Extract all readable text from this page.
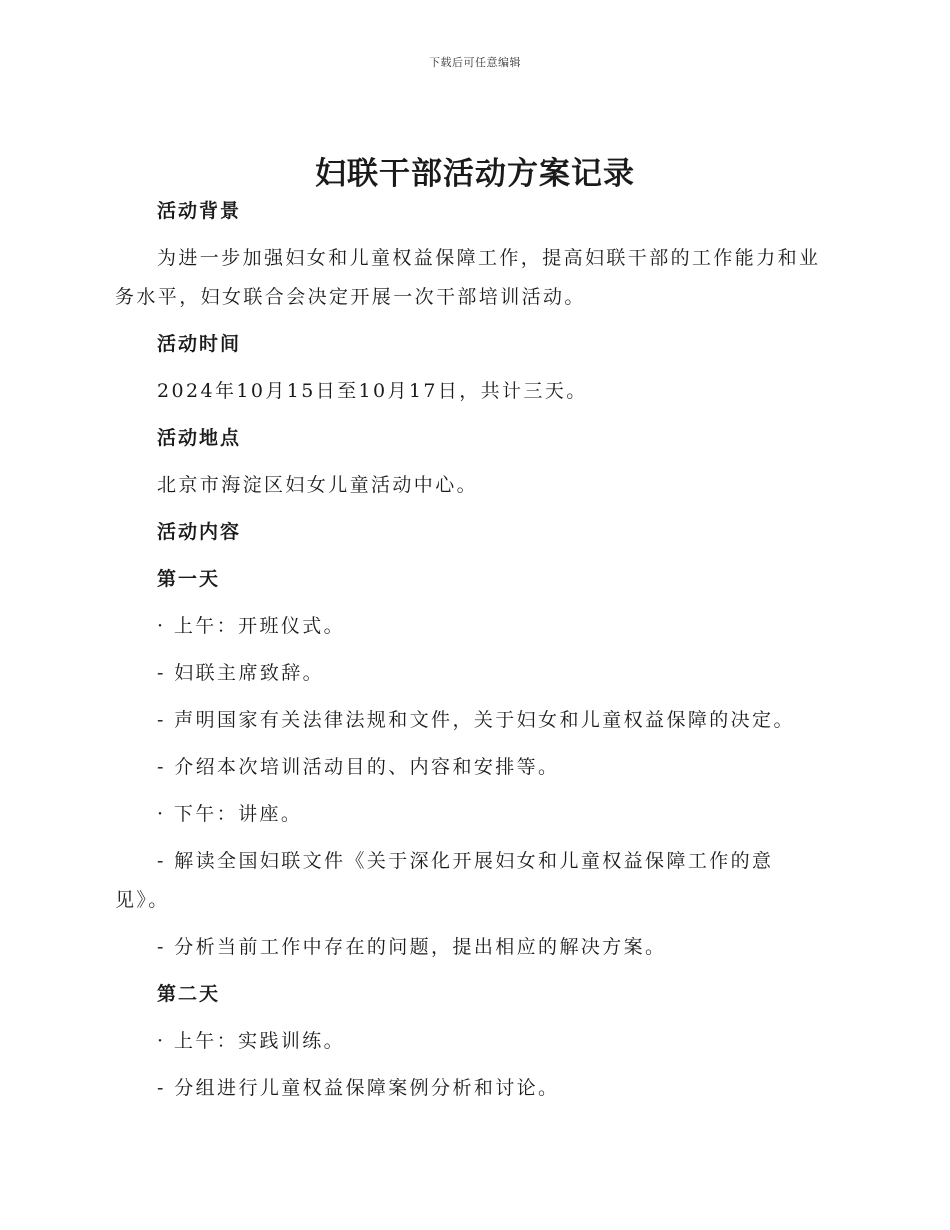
下载后可任意编辑
妇联干部活动方案记录

活动背景

为进一步加强妇女和儿童权益保障工作，提高妇联干部的工作能力和业

务水平，妇女联合会决定开展一次干部培训活动。

活动时间

2024年10月15日至10月17日，共计三天。

活动地点

北京市海淀区妇女儿童活动中心。

活动内容

第一天

· 上午：开班仪式。

- 妇联主席致辞。

- 声明国家有关法律法规和文件，关于妇女和儿童权益保障的决定。

- 介绍本次培训活动目的、内容和安排等。

· 下午：讲座。

- 解读全国妇联文件《关于深化开展妇女和儿童权益保障工作的意

见》。

- 分析当前工作中存在的问题，提出相应的解决方案。

第二天

· 上午：实践训练。

- 分组进行儿童权益保障案例分析和讨论。
